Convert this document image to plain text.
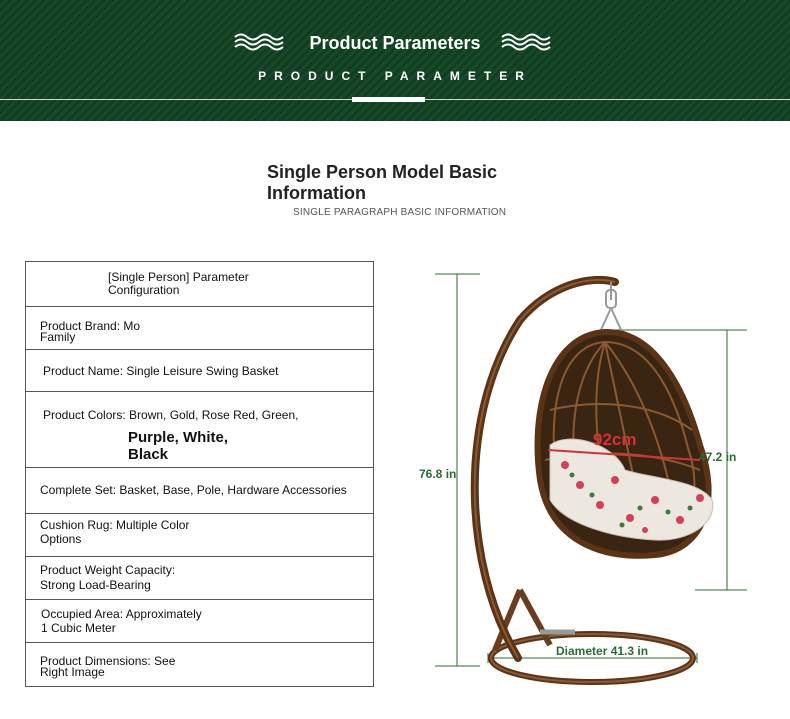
Product Parameters
PRODUCT PARAMETER
Single Person Model Basic Information
SINGLE PARAGRAPH BASIC INFORMATION
[Single Person] Parameter
Configuration
Product Brand: Mo
Family
Product Name: Single Leisure Swing Basket
Product Colors: Brown, Gold, Rose Red, Green,
Purple, White,
Black
Complete Set: Basket, Base, Pole, Hardware Accessories
Cushion Rug: Multiple Color
Options
Product Weight Capacity:
Strong Load-Bearing
Occupied Area: Approximately
1 Cubic Meter
Product Dimensions: See
Right Image
76.8 in
47.2 in
92cm
Diameter 41.3 in
